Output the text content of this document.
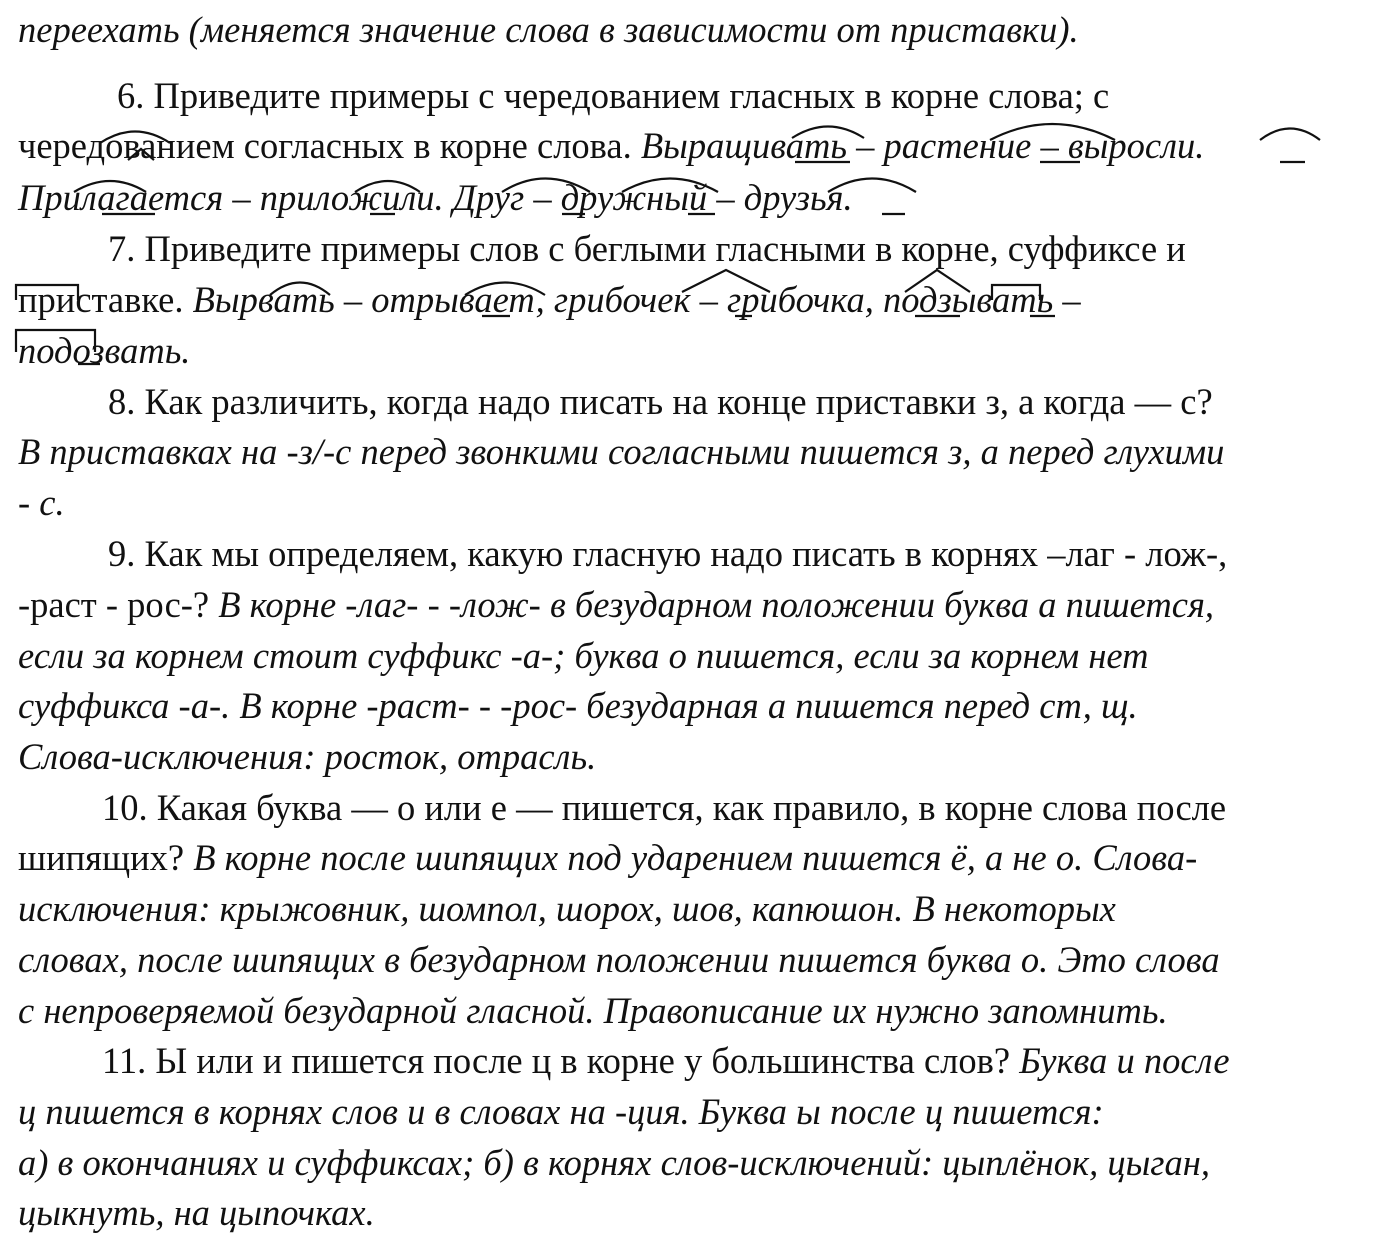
переехать (меняется значение слова в зависимости от приставки).
6. Приведите примеры с чередованием гласных в корне слова; с
чередованием согласных в корне слова. Выращивать – растение – выросли.
Прилагается – приложили. Друг – дружный – друзья.
7. Приведите примеры слов с беглыми гласными в корне, суффиксе и
приставке. Вырвать – отрывает, грибочек – грибочка, подзывать –
подозвать.
8. Как различить, когда надо писать на конце приставки з, а когда — с?
В приставках на -з/-с перед звонкими согласными пишется з, а перед глухими
- с.
9. Как мы определяем, какую гласную надо писать в корнях –лаг - лож-,
-раст - рос-? В корне -лаг- - -лож- в безударном положении буква а пишется,
если за корнем стоит суффикс -а-; буква о пишется, если за корнем нет
суффикса -а-. В корне -раст- - -рос- безударная а пишется перед ст, щ.
Слова-исключения: росток, отрасль.
10. Какая буква — о или е — пишется, как правило, в корне слова после
шипящих? В корне после шипящих под ударением пишется ё, а не о. Слова-
исключения: крыжовник, шомпол, шорох, шов, капюшон. В некоторых
словах, после шипящих в безударном положении пишется буква о. Это слова
с непроверяемой безударной гласной. Правописание их нужно запомнить.
11. Ы или и пишется после ц в корне у большинства слов? Буква и после
ц пишется в корнях слов и в словах на -ция. Буква ы после ц пишется:
а) в окончаниях и суффиксах; б) в корнях слов-исключений: цыплёнок, цыган,
цыкнуть, на цыпочках.
